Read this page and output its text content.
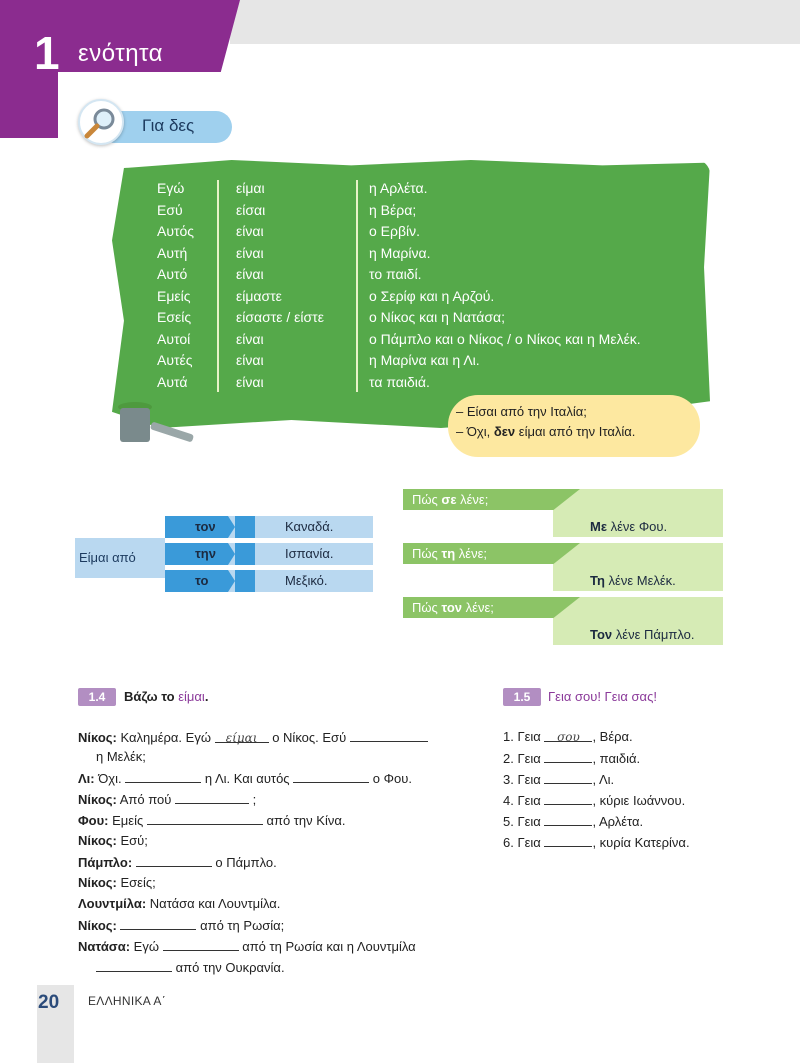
1 ενότητα
Για δες
Εγώ	είμαι	η Αρλέτα.
Εσύ	είσαι	η Βέρα;
Αυτός	είναι	ο Ερβίν.
Αυτή	είναι	η Μαρίνα.
Αυτό	είναι	το παιδί.
Εμείς	είμαστε	ο Σερίφ και η Αρζού.
Εσείς	είσαστε / είστε	ο Νίκος και η Νατάσα;
Αυτοί	είναι	ο Πάμπλο και ο Νίκος / ο Νίκος και η Μελέκ.
Αυτές	είναι	η Μαρίνα και η Λι.
Αυτά	είναι	τα παιδιά.
– Είσαι από την Ιταλία;
– Όχι, δεν είμαι από την Ιταλία.
Είμαι από
τον	Καναδά.
την	Ισπανία.
το	Μεξικό.
Πώς σε λένε;
Με λένε Φου.
Πώς τη λένε;
Τη λένε Μελέκ.
Πώς τον λένε;
Τον λένε Πάμπλο.
1.4	Βάζω το είμαι.
Νίκος: Καλημέρα. Εγώ είμαι ο Νίκος. Εσύ
η Μελέκ;
Λι: Όχι.	η Λι. Και αυτός	ο Φου.
Νίκος: Από πού	;
Φου: Εμείς	από την Κίνα.
Νίκος: Εσύ;
Πάμπλο:	ο Πάμπλο.
Νίκος: Εσείς;
Λουντμίλα: Νατάσα και Λουντμίλα.
Νίκος:	από τη Ρωσία;
Νατάσα: Εγώ	από τη Ρωσία και η Λουντμίλα
από την Ουκρανία.
1.5	Γεια σου! Γεια σας!
1. Γεια σου , Βέρα.
2. Γεια	, παιδιά.
3. Γεια	, Λι.
4. Γεια	, κύριε Ιωάννου.
5. Γεια	, Αρλέτα.
6. Γεια	, κυρία Κατερίνα.
20 ΕΛΛΗΝΙΚΑ Α΄
